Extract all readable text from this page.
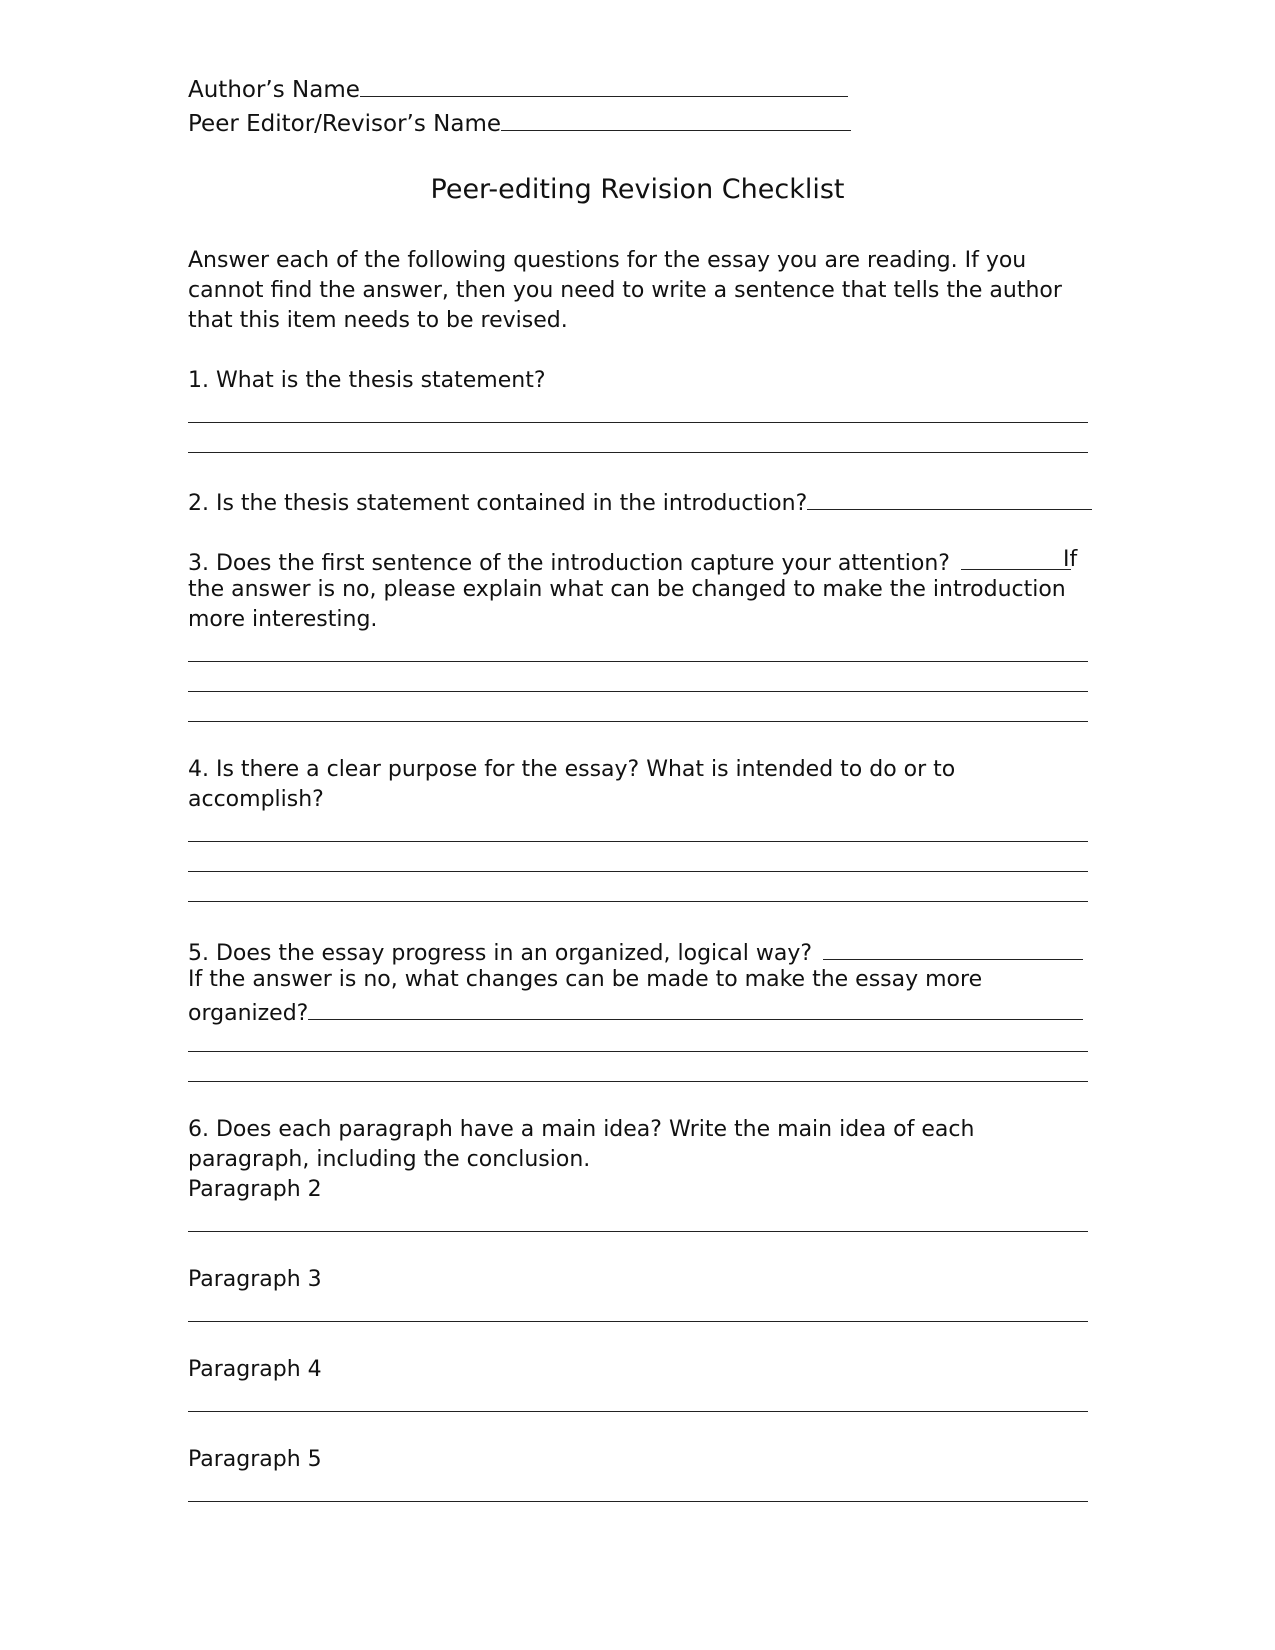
Author’s Name
Peer Editor/Revisor’s Name
Peer-editing Revision Checklist
Answer each of the following questions for the essay you are reading. If you
cannot find the answer, then you need to write a sentence that tells the author
that this item needs to be revised.
1. What is the thesis statement?
2. Is the thesis statement contained in the introduction?
3. Does the first sentence of the introduction capture your attention?	If
the answer is no, please explain what can be changed to make the introduction
more interesting.
4. Is there a clear purpose for the essay? What is intended to do or to
accomplish?
5. Does the essay progress in an organized, logical way?
If the answer is no, what changes can be made to make the essay more
organized?
6. Does each paragraph have a main idea? Write the main idea of each
paragraph, including the conclusion.
Paragraph 2
Paragraph 3
Paragraph 4
Paragraph 5
